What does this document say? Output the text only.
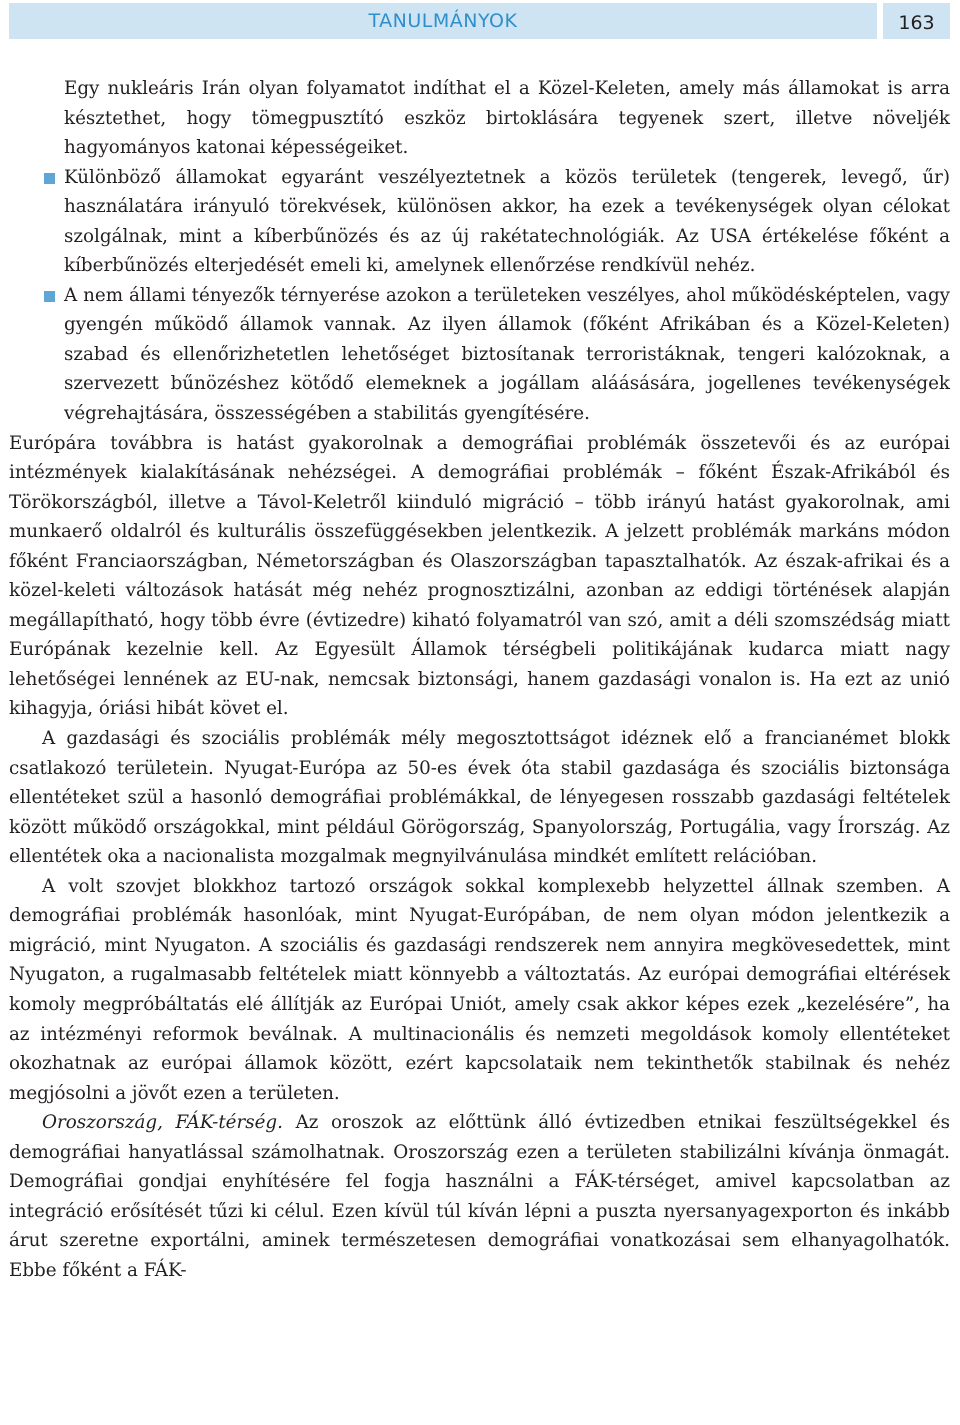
TANULMÁNYOK	163

Egy nukleáris Irán olyan folyamatot indíthat el a Közel-Keleten, amely más államokat is arra késztethet, hogy tömegpusztító eszköz birtoklására tegyenek szert, illetve növeljék hagyományos katonai képességeiket.

Különböző államokat egyaránt veszélyeztetnek a közös területek (tengerek, levegő, űr) használatára irányuló törekvések, különösen akkor, ha ezek a tevékenységek olyan célokat szolgálnak, mint a kíberbűnözés és az új rakétatechnológiák. Az USA értékelése főként a kíberbűnözés elterjedését emeli ki, amelynek ellenőrzése rendkívül nehéz.

A nem állami tényezők térnyerése azokon a területeken veszélyes, ahol működésképtelen, vagy gyengén működő államok vannak. Az ilyen államok (főként Afrikában és a Közel-Keleten) szabad és ellenőrizhetetlen lehetőséget biztosítanak terroristáknak, tengeri kalózoknak, a szervezett bűnözéshez kötődő elemeknek a jogállam aláásására, jogellenes tevékenységek végrehajtására, összességében a stabilitás gyengítésére.

Európára továbbra is hatást gyakorolnak a demográfiai problémák összetevői és az európai intézmények kialakításának nehézségei. A demográfiai problémák – főként Észak-Afrikából és Törökországból, illetve a Távol-Keletről kiinduló migráció – több irányú hatást gyakorolnak, ami munkaerő oldalról és kulturális összefüggésekben jelentkezik. A jelzett problémák markáns módon főként Franciaországban, Németországban és Olaszországban tapasztalhatók. Az észak-afrikai és a közel-keleti változások hatását még nehéz prognosztizálni, azonban az eddigi történések alapján megállapítható, hogy több évre (évtizedre) kiható folyamatról van szó, amit a déli szomszédság miatt Európának kezelnie kell. Az Egyesült Államok térségbeli politikájának kudarca miatt nagy lehetőségei lennének az EU-nak, nemcsak biztonsági, hanem gazdasági vonalon is. Ha ezt az unió kihagyja, óriási hibát követ el.

A gazdasági és szociális problémák mély megosztottságot idéznek elő a francianémet blokk csatlakozó területein. Nyugat-Európa az 50-es évek óta stabil gazdasága és szociális biztonsága ellentéteket szül a hasonló demográfiai problémákkal, de lényegesen rosszabb gazdasági feltételek között működő országokkal, mint például Görögország, Spanyolország, Portugália, vagy Írország. Az ellentétek oka a nacionalista mozgalmak megnyilvánulása mindkét említett relációban.

A volt szovjet blokkhoz tartozó országok sokkal komplexebb helyzettel állnak szemben. A demográfiai problémák hasonlóak, mint Nyugat-Európában, de nem olyan módon jelentkezik a migráció, mint Nyugaton. A szociális és gazdasági rendszerek nem annyira megkövesedettek, mint Nyugaton, a rugalmasabb feltételek miatt könnyebb a változtatás. Az európai demográfiai eltérések komoly megpróbáltatás elé állítják az Európai Uniót, amely csak akkor képes ezek „kezelésére”, ha az intézményi reformok beválnak. A multinacionális és nemzeti megoldások komoly ellentéteket okozhatnak az európai államok között, ezért kapcsolataik nem tekinthetők stabilnak és nehéz megjósolni a jövőt ezen a területen.

Oroszország, FÁK-térség. Az oroszok az előttünk álló évtizedben etnikai feszültségekkel és demográfiai hanyatlással számolhatnak. Oroszország ezen a területen stabilizálni kívánja önmagát. Demográfiai gondjai enyhítésére fel fogja használni a FÁK-térséget, amivel kapcsolatban az integráció erősítését tűzi ki célul. Ezen kívül túl kíván lépni a puszta nyersanyagexporton és inkább árut szeretne exportálni, aminek természetesen demográfiai vonatkozásai sem elhanyagolhatók. Ebbe főként a FÁK-
